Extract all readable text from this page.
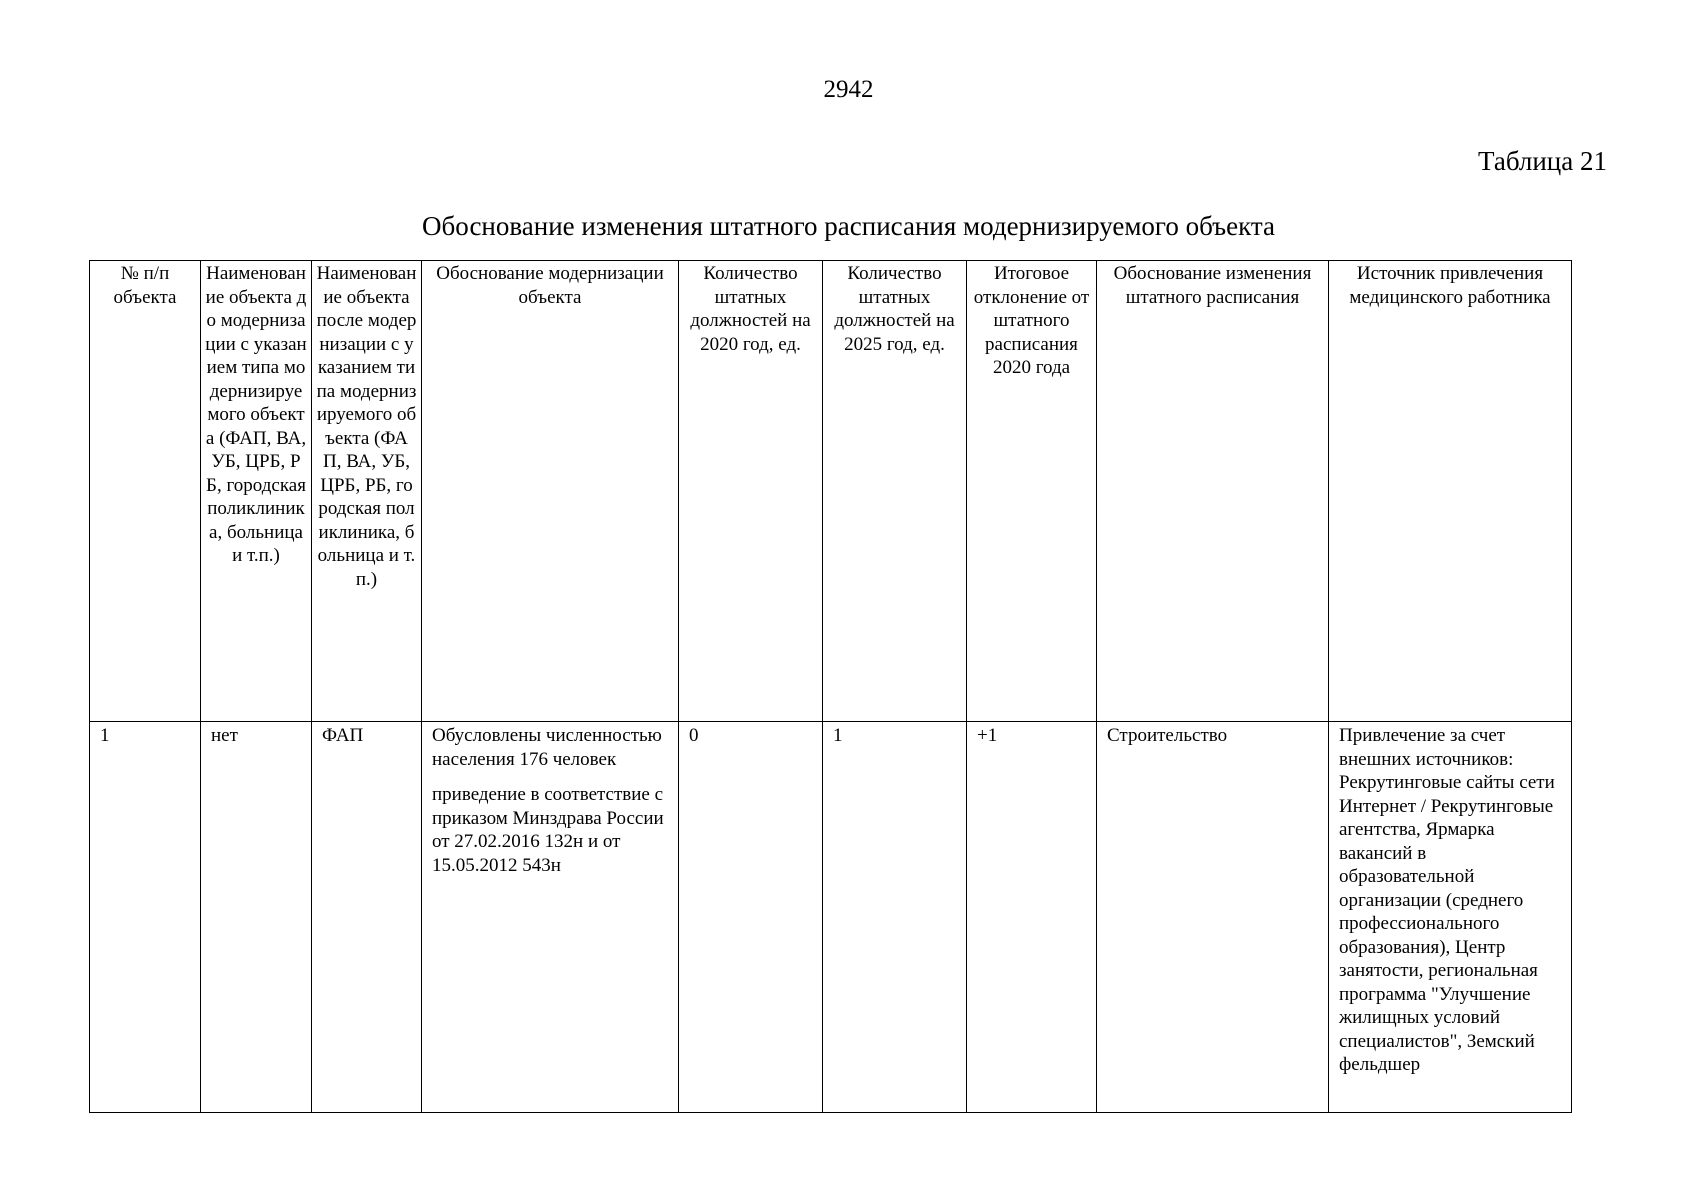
2942
Таблица 21
Обоснование изменения штатного расписания модернизируемого объекта
№ п/п объекта	Наименование объекта до модернизации с указанием типа модернизируемого объекта (ФАП, ВА, УБ, ЦРБ, РБ, городская поликлиника, больница и т.п.)	Наименование объекта после модернизации с указанием типа модернизируемого объекта (ФАП, ВА, УБ, ЦРБ, РБ, городская поликлиника, больница и т.п.)	Обоснование модернизации объекта	Количество штатных должностей на 2020 год, ед.	Количество штатных должностей на 2025 год, ед.	Итоговое отклонение от штатного расписания 2020 года	Обоснование изменения штатного расписания	Источник привлечения медицинского работника
1	нет	ФАП	Обусловлены численностью населения 176 человек
приведение в соответствие с приказом Минздрава России от 27.02.2016 132н и от 15.05.2012 543н	0	1	+1	Строительство	Привлечение за счет внешних источников: Рекрутинговые сайты сети Интернет / Рекрутинговые агентства, Ярмарка вакансий в образовательной организации (среднего профессионального образования), Центр занятости, региональная программа "Улучшение жилищных условий специалистов", Земский фельдшер
